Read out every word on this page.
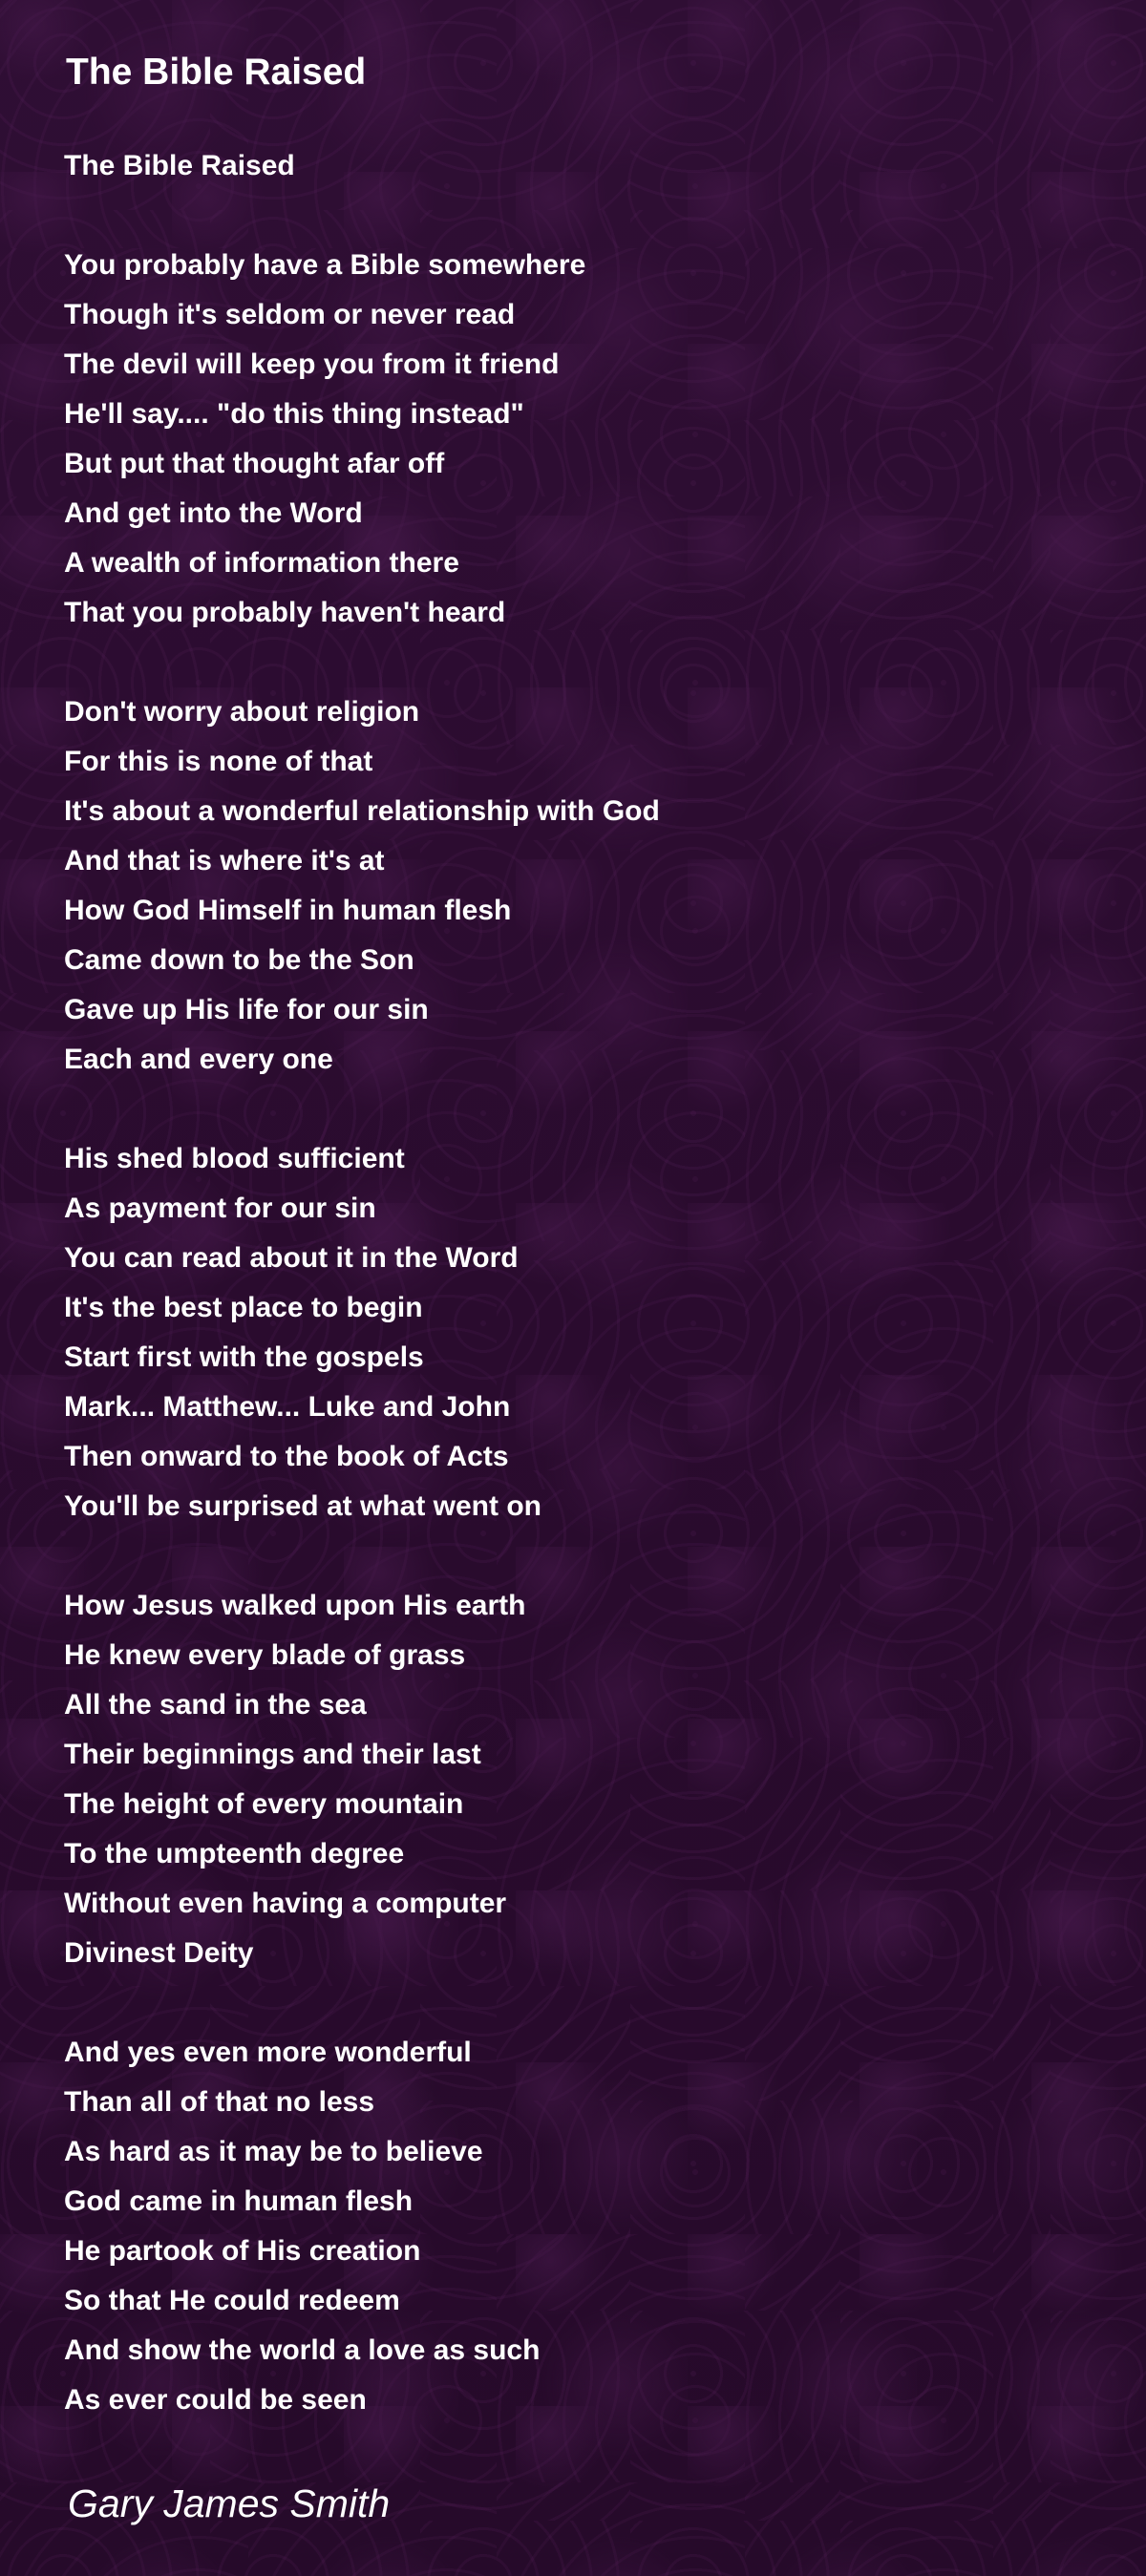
The Bible Raised
The Bible Raised
You probably have a Bible somewhere
Though it's seldom or never read
The devil will keep you from it friend
He'll say.... "do this thing instead"
But put that thought afar off
And get into the Word
A wealth of information there
That you probably haven't heard
Don't worry about religion
For this is none of that
It's about a wonderful relationship with God
And that is where it's at
How God Himself in human flesh
Came down to be the Son
Gave up His life for our sin
Each and every one
His shed blood sufficient
As payment for our sin
You can read about it in the Word
It's the best place to begin
Start first with the gospels
Mark... Matthew... Luke and John
Then onward to the book of Acts
You'll be surprised at what went on
How Jesus walked upon His earth
He knew every blade of grass
All the sand in the sea
Their beginnings and their last
The height of every mountain
To the umpteenth degree
Without even having a computer
Divinest Deity
And yes even more wonderful
Than all of that no less
As hard as it may be to believe
God came in human flesh
He partook of His creation
So that He could redeem
And show the world a love as such
As ever could be seen
Gary James Smith
